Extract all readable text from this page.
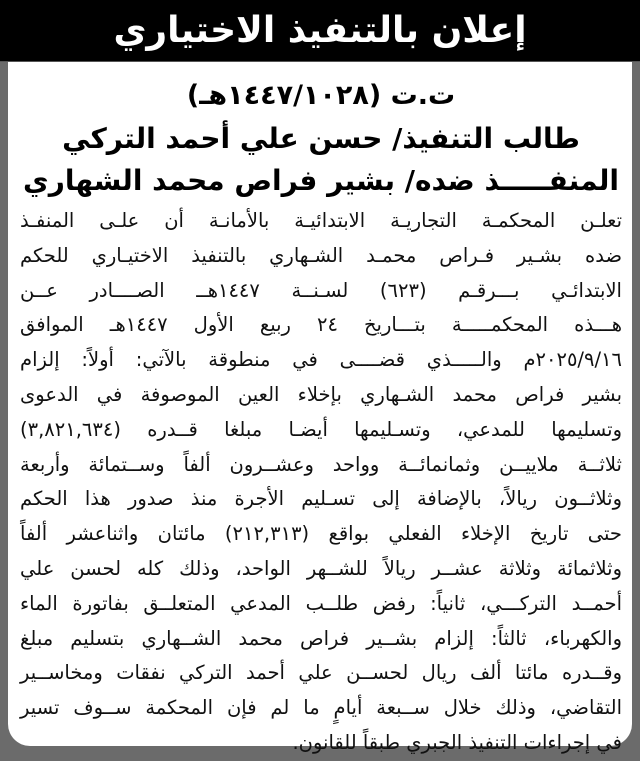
إعلان بالتنفيذ الاختياري

ت.ت (١٤٤٧/١٠٢٨هـ)

طالب التنفيذ/ حسن علي أحمد التركي

المنفـــــذ ضده/ بشير فراص محمد الشهاري

تعلـن المحكمـة التجاريـة الابتدائيـة بالأمانـة أن علـى المنفـذ
ضده بشـير فـراص محمـد الشـهاري بالتنفيذ الاختيـاري للحكم
الابتدائـي بـــرقـم (٦٢٣) لسـنــة ١٤٤٧هــ الصــــادر عــن
هـــذه المحكمـــــة بتـــاريخ ٢٤ ربيع الأول ١٤٤٧هـ الموافق
٢٠٢٥/٩/١٦م والـــــذي قضــــى في منطوقة بالآتي: أولاً: إلزام
بشير فراص محمد الشـهاري بإخلاء العين الموصوفة في الدعوى
وتسليمها للمدعي، وتسـليمها أيضـا مبلغا قــدره (٣,٨٢١,٦٣٤)
ثلاثــة ملاييــن وثمانمائــة وواحد وعشــرون ألفاً وســتمائة وأربعة
وثلاثــون ريالاً، بالإضافة إلى تسـليم الأجرة منذ صدور هذا الحكم
حتى تاريخ الإخلاء الفعلي بواقع (٢١٢,٣١٣) مائتان واثناعشر ألفاً
وثلاثمائة وثلاثة عشــر ريالاً للشــهر الواحد، وذلك كله لحسن علي
أحمــد التركـــي، ثانياً: رفض طلــب المدعي المتعلــق بفاتورة الماء
والكهرباء، ثالثاً: إلزام بشــير فراص محمد الشــهاري بتسليم مبلغ
وقــدره مائتا ألف ريال لحســن علي أحمد التركي نفقات ومخاســير
التقاضي، وذلك خلال ســبعة أيامٍ ما لم فإن المحكمة ســوف تسير
في إجراءات التنفيذ الجبري طبقاً للقانون.
